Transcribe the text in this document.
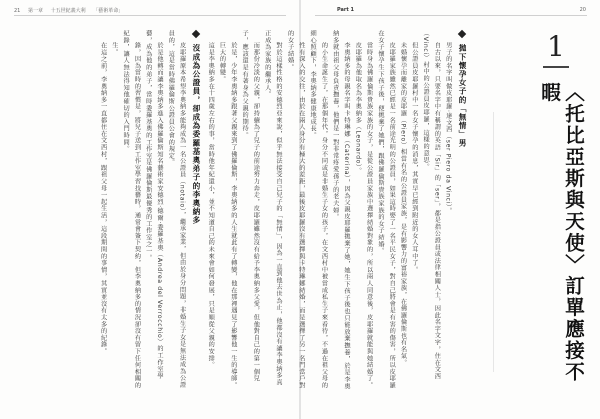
21 第一章 十五世紀義大利 「藝術革命」

對於這樣性格的安德烈亞來說，似乎無法接受自己兒子的「無情」，因為一直到他去世為止，他都沒有讓李奧納多真正成為家族的繼承人。

而那份冷淡的父親，卻持續為了兒子的前途努力奔走，皮耶羅雖然沒有給予李奧納多父愛，但他對自己的第一個兒子，應該還是有著身為父親的期待。

於是，少年李奧納多跟著父親來到了佛羅倫斯，李奧納多的人生就此有了轉變，他在那裡遇見了影響他一生的導師。

巨大的轉變。

這是李奧納多在十四歲左右的事，當時他年紀還小，並不知道自己的未來會如何發展，只是順從父親的安排。

沒成為公證員，卻成為委羅基奧弟子的李奧納多

皮耶羅原本希望李奧納多能夠成為一名公證員（notaio），繼承家業，但由於身分問題，非婚生子女是無法成為公證員的，這是當時佛羅倫斯公證員公會的規定。

於是他轉而讓李奧納多進入佛羅倫斯知名藝術家安德烈‧德爾‧委羅基奧（Andrea del Verrocchio）的工作室學藝，成為他的弟子，當時委羅基奧的工作室是佛羅倫斯最優秀的工作室之一。

錄，因為當時的習慣是，將兒子送到工作室學習技藝時，通常會簽下契約，但李奧納多的情況卻沒有留下任何相關的紀錄，讓人無法得知他確切的入門時間。

生。

在這之前，李奧納多一直都住在文西村，跟祖父母一起生活，這段期間的事情，其實並沒有太多的紀錄。

Part 1	20
拋下懷孕女子的「無情」男

男子的名字叫做皮耶羅‧達文西（ser Piero da Vinci）。

自古以來，只要名字中有稱謂的英語「Sir」的「ser」，都是指公證員或法律相關人士，因此名字文字，住在文西（Vinci）村中的公證員皮耶羅，這樣的意思。

但公證員皮耶羅村中一名女子懷孕的消息，其實早已經到附近的女人耳中了。

未婚懷孕而離家的皮耶羅（Piero）相當有名的公證員家族，是有影響力的富裕家族，在佛羅倫斯也有名氣。

皮耶羅家族雖然已經是一名前途光明的公證員，如果這時娶了一名平民女子，對自己將會是有害的傷害，所以皮耶羅在女子懷孕生下孩子後，便拋棄了她們，跟佛羅倫斯貴族家族的女子結婚。

當時身為佛羅倫斯貴族家族的女子，是從公證員家族中選擇結婚對象的，所以兩人同意後，皮耶羅就能與她結婚了。

皮耶羅為他取名為李奧納多（Leonardo）。

李奧納多的母親名字叫卡特琳娜（Caterina），因為父親皮耶羅拋棄了她，她生下孩子後也只能放棄撫養，於是李奧納多就由祖父母負責撫養，他們是一對非常疼愛孫子的老夫婦。

的小生命誕生了，在那個年代，身分不同或是非婚生子女的孩子，在文西村中被當成私生子來看待，不過在祖父母的細心照顧下，李奧納多健康地成長。

性有深入的交往，由於在兩人身分有極大的差距，最後皮耶羅沒有選擇與卡特琳娜結婚，而是選擇了另一名門當戶對的女子結婚。	1
〈托比亞斯與天使〉訂單應接不暇
